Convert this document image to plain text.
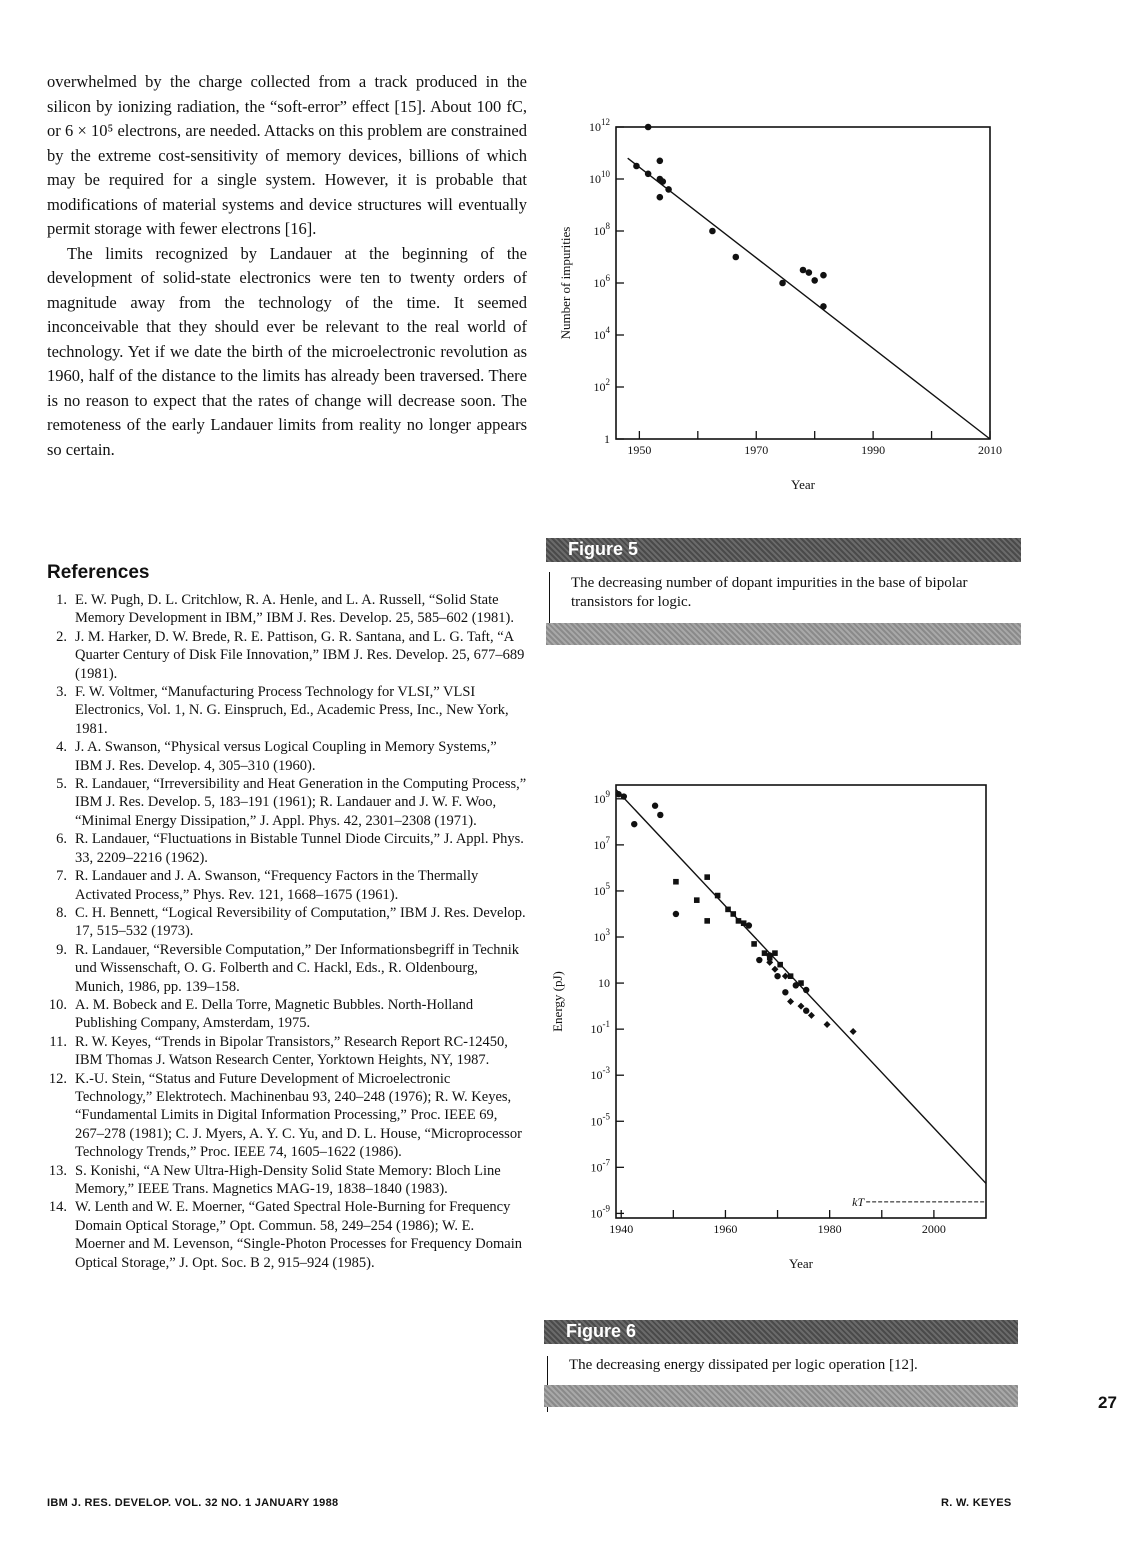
overwhelmed by the charge collected from a track produced in the silicon by ionizing radiation, the “soft-error” effect [15]. About 100 fC, or 6 × 10⁵ electrons, are needed. Attacks on this problem are constrained by the extreme cost-sensitivity of memory devices, billions of which may be required for a single system. However, it is probable that modifications of material systems and device structures will eventually permit storage with fewer electrons [16].

The limits recognized by Landauer at the beginning of the development of solid-state electronics were ten to twenty orders of magnitude away from the technology of the time. It seemed inconceivable that they should ever be relevant to the real world of technology. Yet if we date the birth of the microelectronic revolution as 1960, half of the distance to the limits has already been traversed. There is no reason to expect that the rates of change will decrease soon. The remoteness of the early Landauer limits from reality no longer appears so certain.

References
1. E. W. Pugh, D. L. Critchlow, R. A. Henle, and L. A. Russell, “Solid State Memory Development in IBM,” IBM J. Res. Develop. 25, 585–602 (1981).
2. J. M. Harker, D. W. Brede, R. E. Pattison, G. R. Santana, and L. G. Taft, “A Quarter Century of Disk File Innovation,” IBM J. Res. Develop. 25, 677–689 (1981).
3. F. W. Voltmer, “Manufacturing Process Technology for VLSI,” VLSI Electronics, Vol. 1, N. G. Einspruch, Ed., Academic Press, Inc., New York, 1981.
4. J. A. Swanson, “Physical versus Logical Coupling in Memory Systems,” IBM J. Res. Develop. 4, 305–310 (1960).
5. R. Landauer, “Irreversibility and Heat Generation in the Computing Process,” IBM J. Res. Develop. 5, 183–191 (1961); R. Landauer and J. W. F. Woo, “Minimal Energy Dissipation,” J. Appl. Phys. 42, 2301–2308 (1971).
6. R. Landauer, “Fluctuations in Bistable Tunnel Diode Circuits,” J. Appl. Phys. 33, 2209–2216 (1962).
7. R. Landauer and J. A. Swanson, “Frequency Factors in the Thermally Activated Process,” Phys. Rev. 121, 1668–1675 (1961).
8. C. H. Bennett, “Logical Reversibility of Computation,” IBM J. Res. Develop. 17, 515–532 (1973).
9. R. Landauer, “Reversible Computation,” Der Informationsbegriff in Technik und Wissenschaft, O. G. Folberth and C. Hackl, Eds., R. Oldenbourg, Munich, 1986, pp. 139–158.
10. A. M. Bobeck and E. Della Torre, Magnetic Bubbles. North-Holland Publishing Company, Amsterdam, 1975.
11. R. W. Keyes, “Trends in Bipolar Transistors,” Research Report RC-12450, IBM Thomas J. Watson Research Center, Yorktown Heights, NY, 1987.
12. K.-U. Stein, “Status and Future Development of Microelectronic Technology,” Elektrotech. Machinenbau 93, 240–248 (1976); R. W. Keyes, “Fundamental Limits in Digital Information Processing,” Proc. IEEE 69, 267–278 (1981); C. J. Myers, A. Y. C. Yu, and D. L. House, “Microprocessor Technology Trends,” Proc. IEEE 74, 1605–1622 (1986).
13. S. Konishi, “A New Ultra-High-Density Solid State Memory: Bloch Line Memory,” IEEE Trans. Magnetics MAG-19, 1838–1840 (1983).
14. W. Lenth and W. E. Moerner, “Gated Spectral Hole-Burning for Frequency Domain Optical Storage,” Opt. Commun. 58, 249–254 (1986); W. E. Moerner and M. Levenson, “Single-Photon Processes for Frequency Domain Optical Storage,” J. Opt. Soc. B 2, 915–924 (1985).
1
$10^2$
$10^4$
$10^6$
$10^8$
$10^{10}$
$10^{12}$
1950	1970	1990	2010
Year
Number of impurities
Figure 5
The decreasing number of dopant impurities in the base of bipolar transistors for logic.
$10^{-9}$
$10^{-7}$
$10^{-5}$
$10^{-3}$
$10^{-1}$
10
$10^3$
$10^5$
$10^7$
$10^9$
1940	1960	1980	2000
Year
Energy (pJ)
kT
Figure 6
The decreasing energy dissipated per logic operation [12].
27
IBM J. RES. DEVELOP. VOL. 32 NO. 1 JANUARY 1988	R. W. KEYES
